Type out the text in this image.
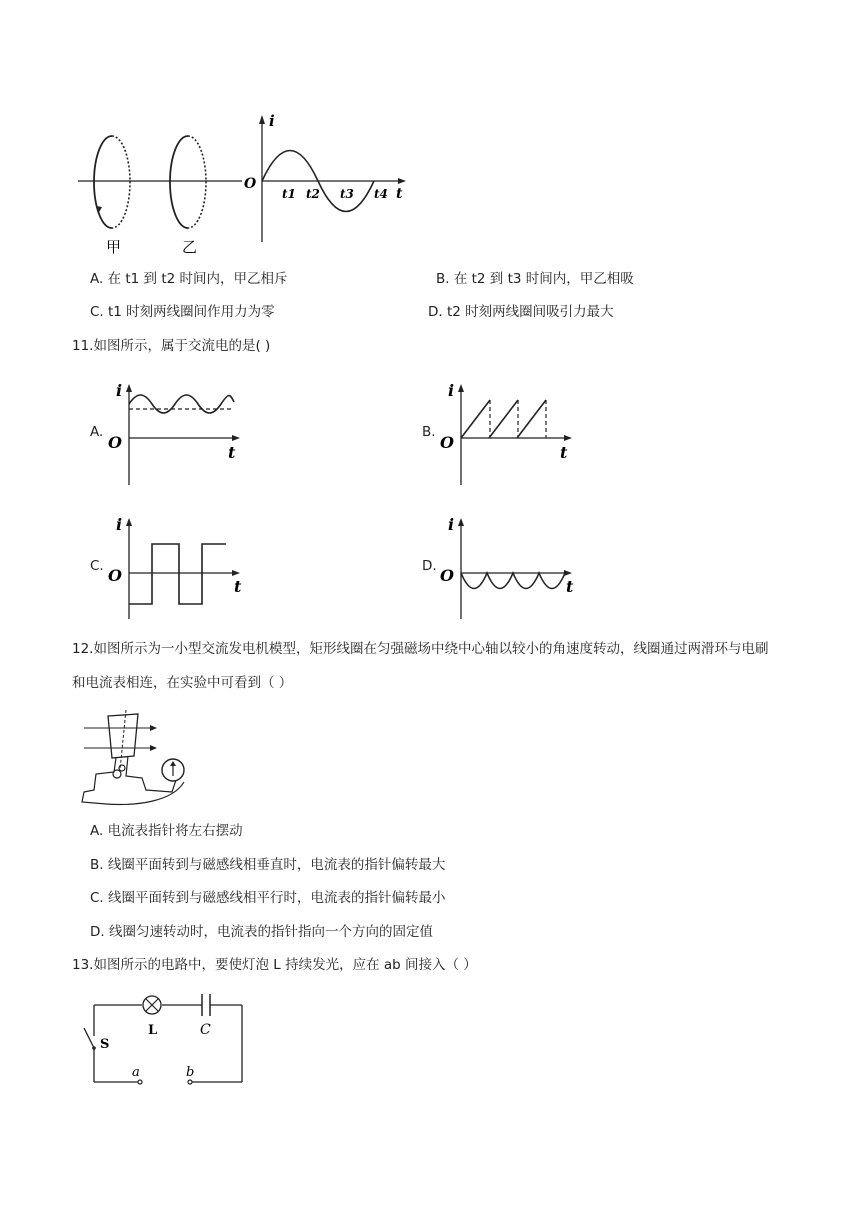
甲	乙
i
O
t
t1 t2 t3 t4
A. 在 t1 到 t2 时间内，甲乙相斥	B. 在 t2 到 t3 时间内，甲乙相吸
C. t1 时刻两线圈间作用力为零	D. t2 时刻两线圈间吸引力最大
11.如图所示，属于交流电的是( )
A.
i
O
t
B.
i
O
t
C.
i
O
t
D.
i
O
t
12.如图所示为一小型交流发电机模型，矩形线圈在匀强磁场中绕中心轴以较小的角速度转动，线圈通过两滑环与电刷和电流表相连，在实验中可看到（ ）
A. 电流表指针将左右摆动
B. 线圈平面转到与磁感线相垂直时，电流表的指针偏转最大
C. 线圈平面转到与磁感线相平行时，电流表的指针偏转最小
D. 线圈匀速转动时，电流表的指针指向一个方向的固定值
13.如图所示的电路中，要使灯泡 L 持续发光，应在 ab 间接入（ ）
L	C
S
a	b
